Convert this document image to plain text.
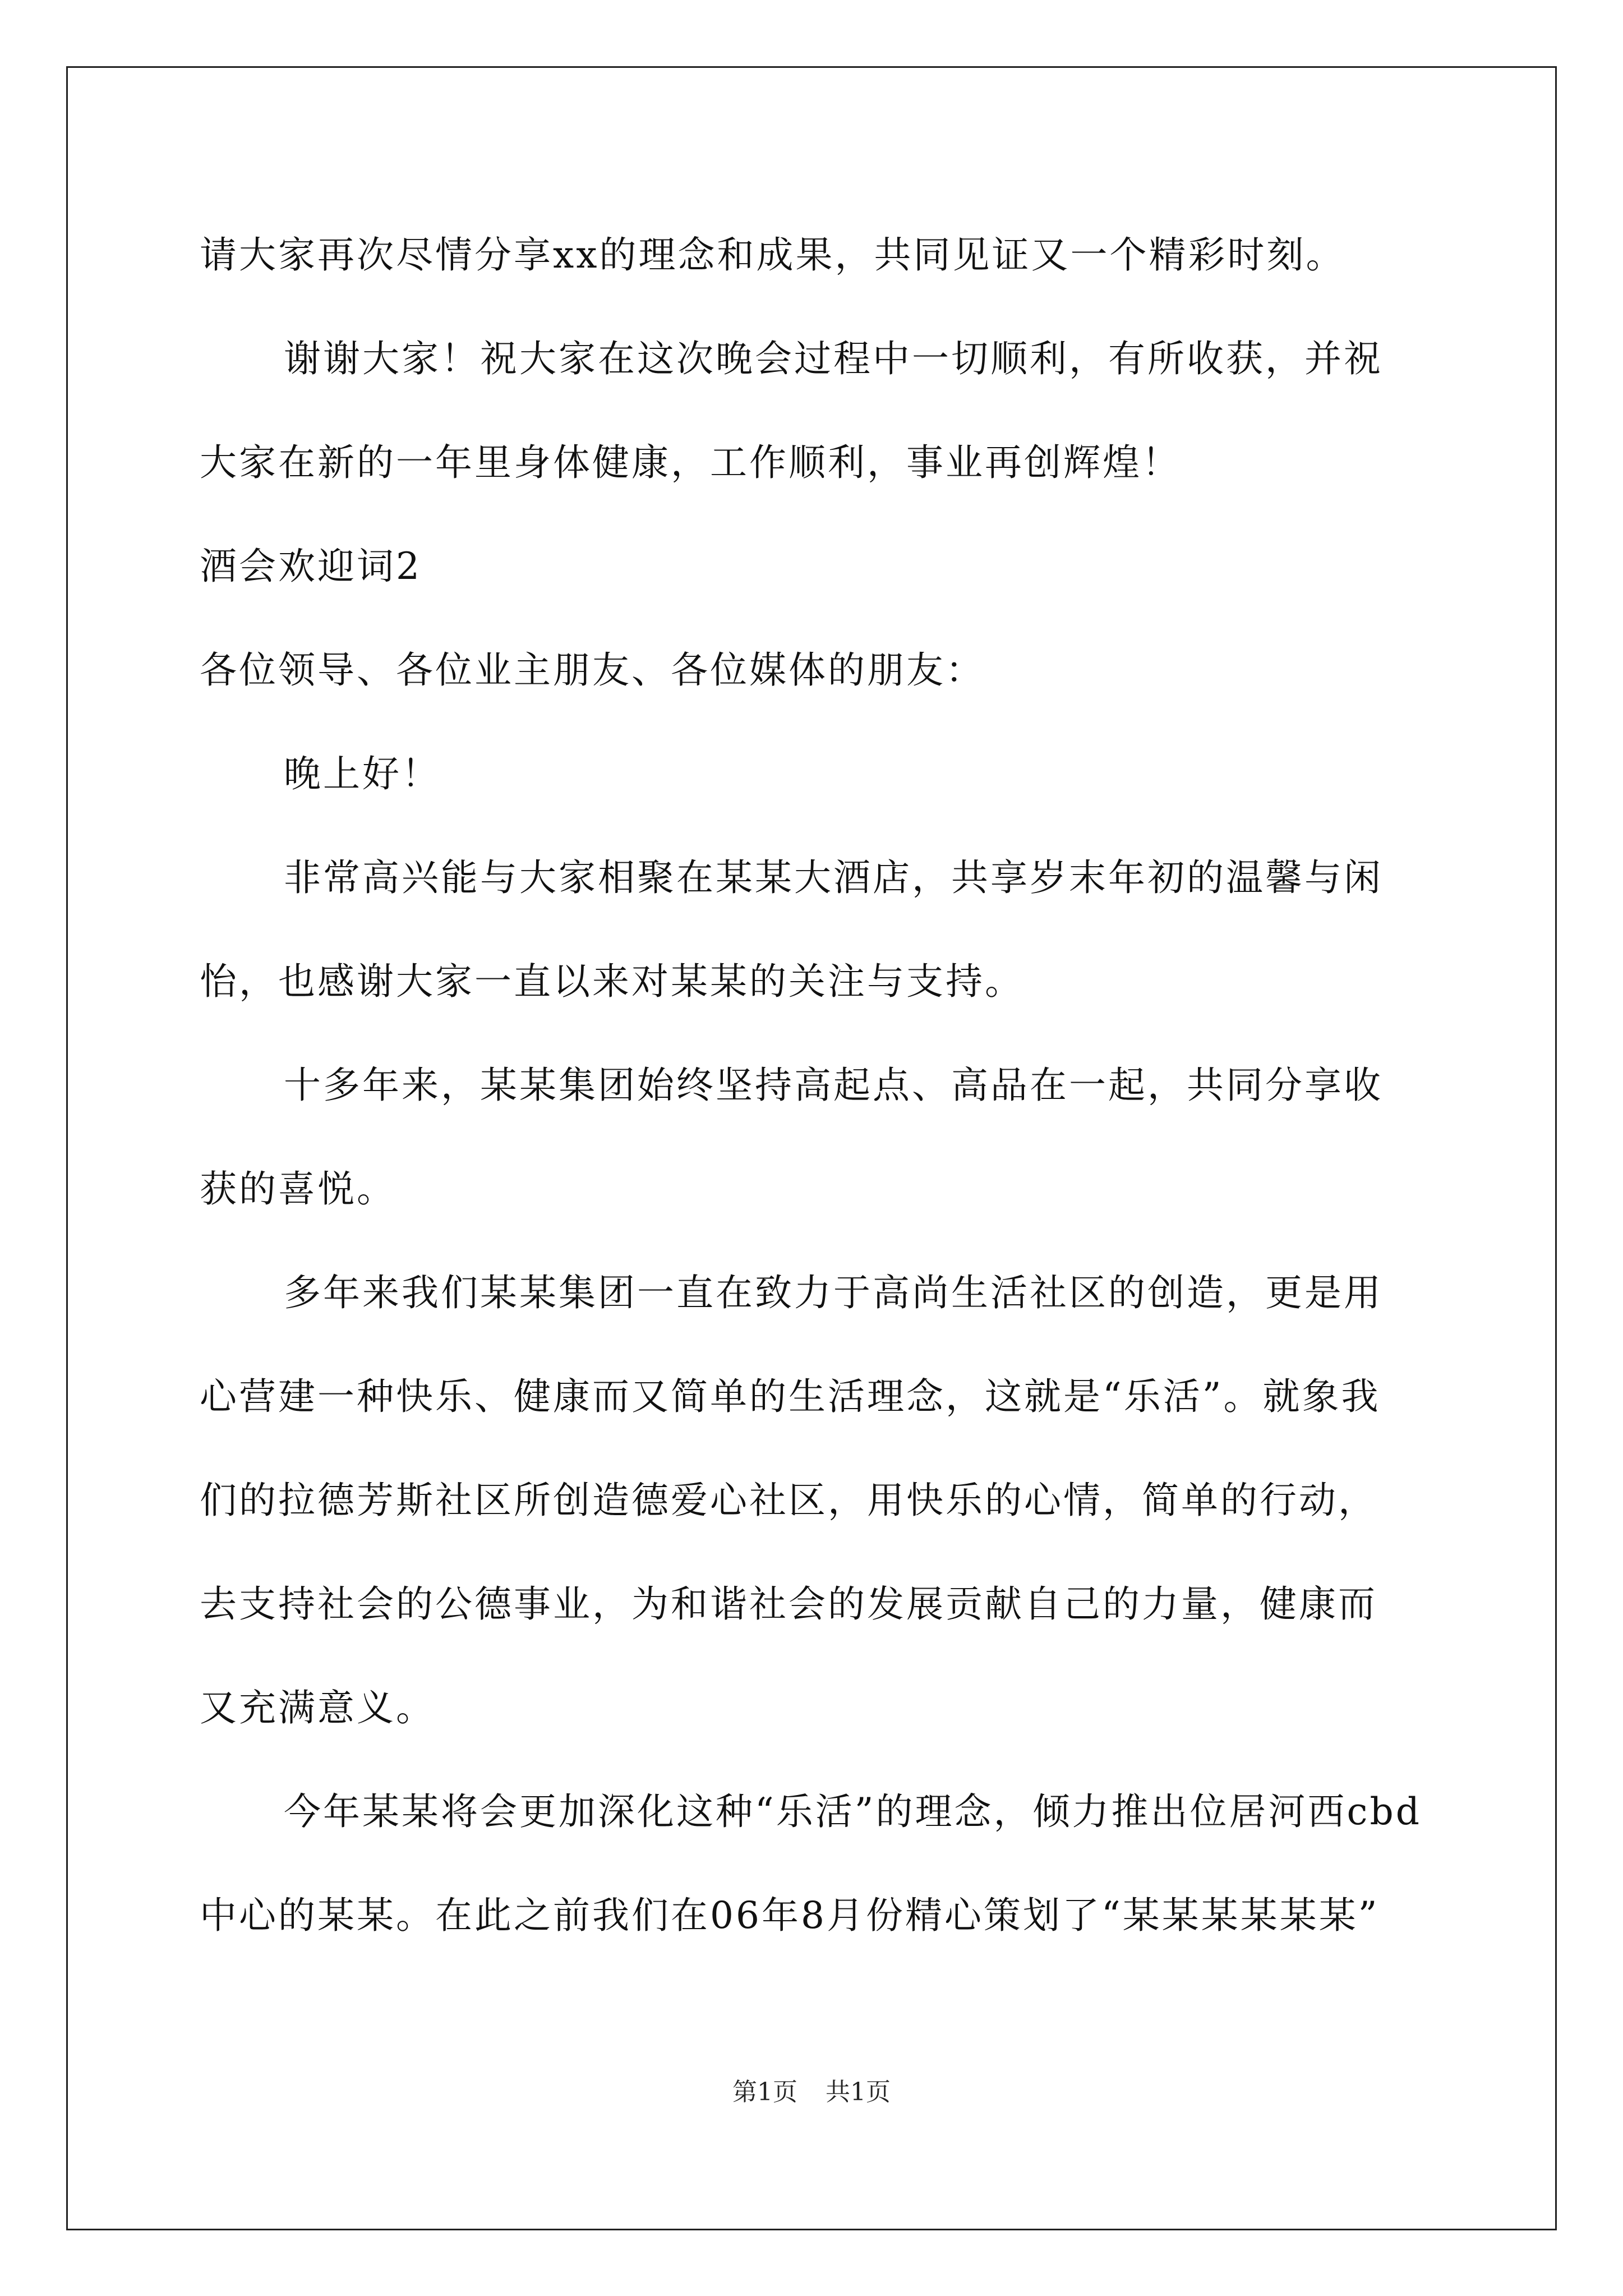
请大家再次尽情分享xx的理念和成果，共同见证又一个精彩时刻。
谢谢大家！祝大家在这次晚会过程中一切顺利，有所收获，并祝
大家在新的一年里身体健康，工作顺利，事业再创辉煌！
酒会欢迎词2
各位领导、各位业主朋友、各位媒体的朋友：
晚上好！
非常高兴能与大家相聚在某某大酒店，共享岁末年初的温馨与闲
怡，也感谢大家一直以来对某某的关注与支持。
十多年来，某某集团始终坚持高起点、高品在一起，共同分享收
获的喜悦。
多年来我们某某集团一直在致力于高尚生活社区的创造，更是用
心营建一种快乐、健康而又简单的生活理念，这就是“乐活”。就象我
们的拉德芳斯社区所创造德爱心社区，用快乐的心情，简单的行动，
去支持社会的公德事业，为和谐社会的发展贡献自己的力量，健康而
又充满意义。
今年某某将会更加深化这种“乐活”的理念，倾力推出位居河西cbd
中心的某某。在此之前我们在06年8月份精心策划了“某某某某某某”
第1页 共1页
